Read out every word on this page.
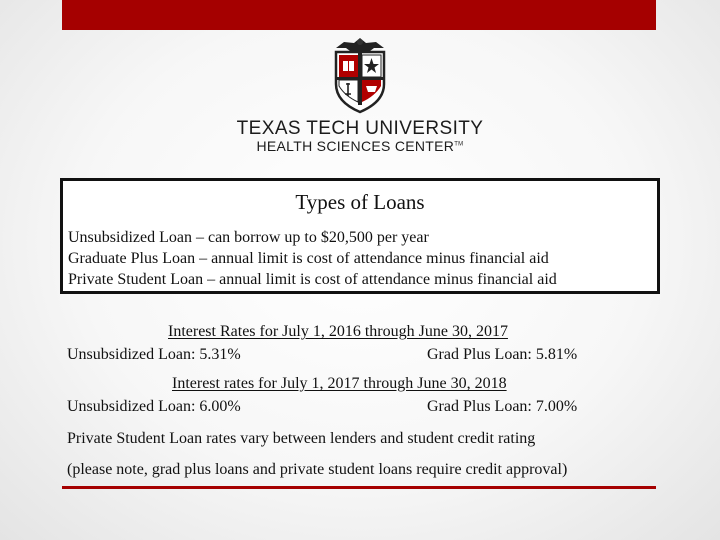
TEXAS TECH UNIVERSITY
HEALTH SCIENCES CENTER™
Types of Loans
Unsubsidized Loan – can borrow up to $20,500 per year
Graduate Plus Loan – annual limit is cost of attendance minus financial aid
Private Student Loan – annual limit is cost of attendance minus financial aid
Interest Rates for July 1, 2016 through June 30, 2017
Unsubsidized Loan: 5.31%	Grad Plus Loan: 5.81%
Interest rates for July 1, 2017 through June 30, 2018
Unsubsidized Loan: 6.00%	Grad Plus Loan: 7.00%
Private Student Loan rates vary between lenders and student credit rating
(please note, grad plus loans and private student loans require credit approval)
